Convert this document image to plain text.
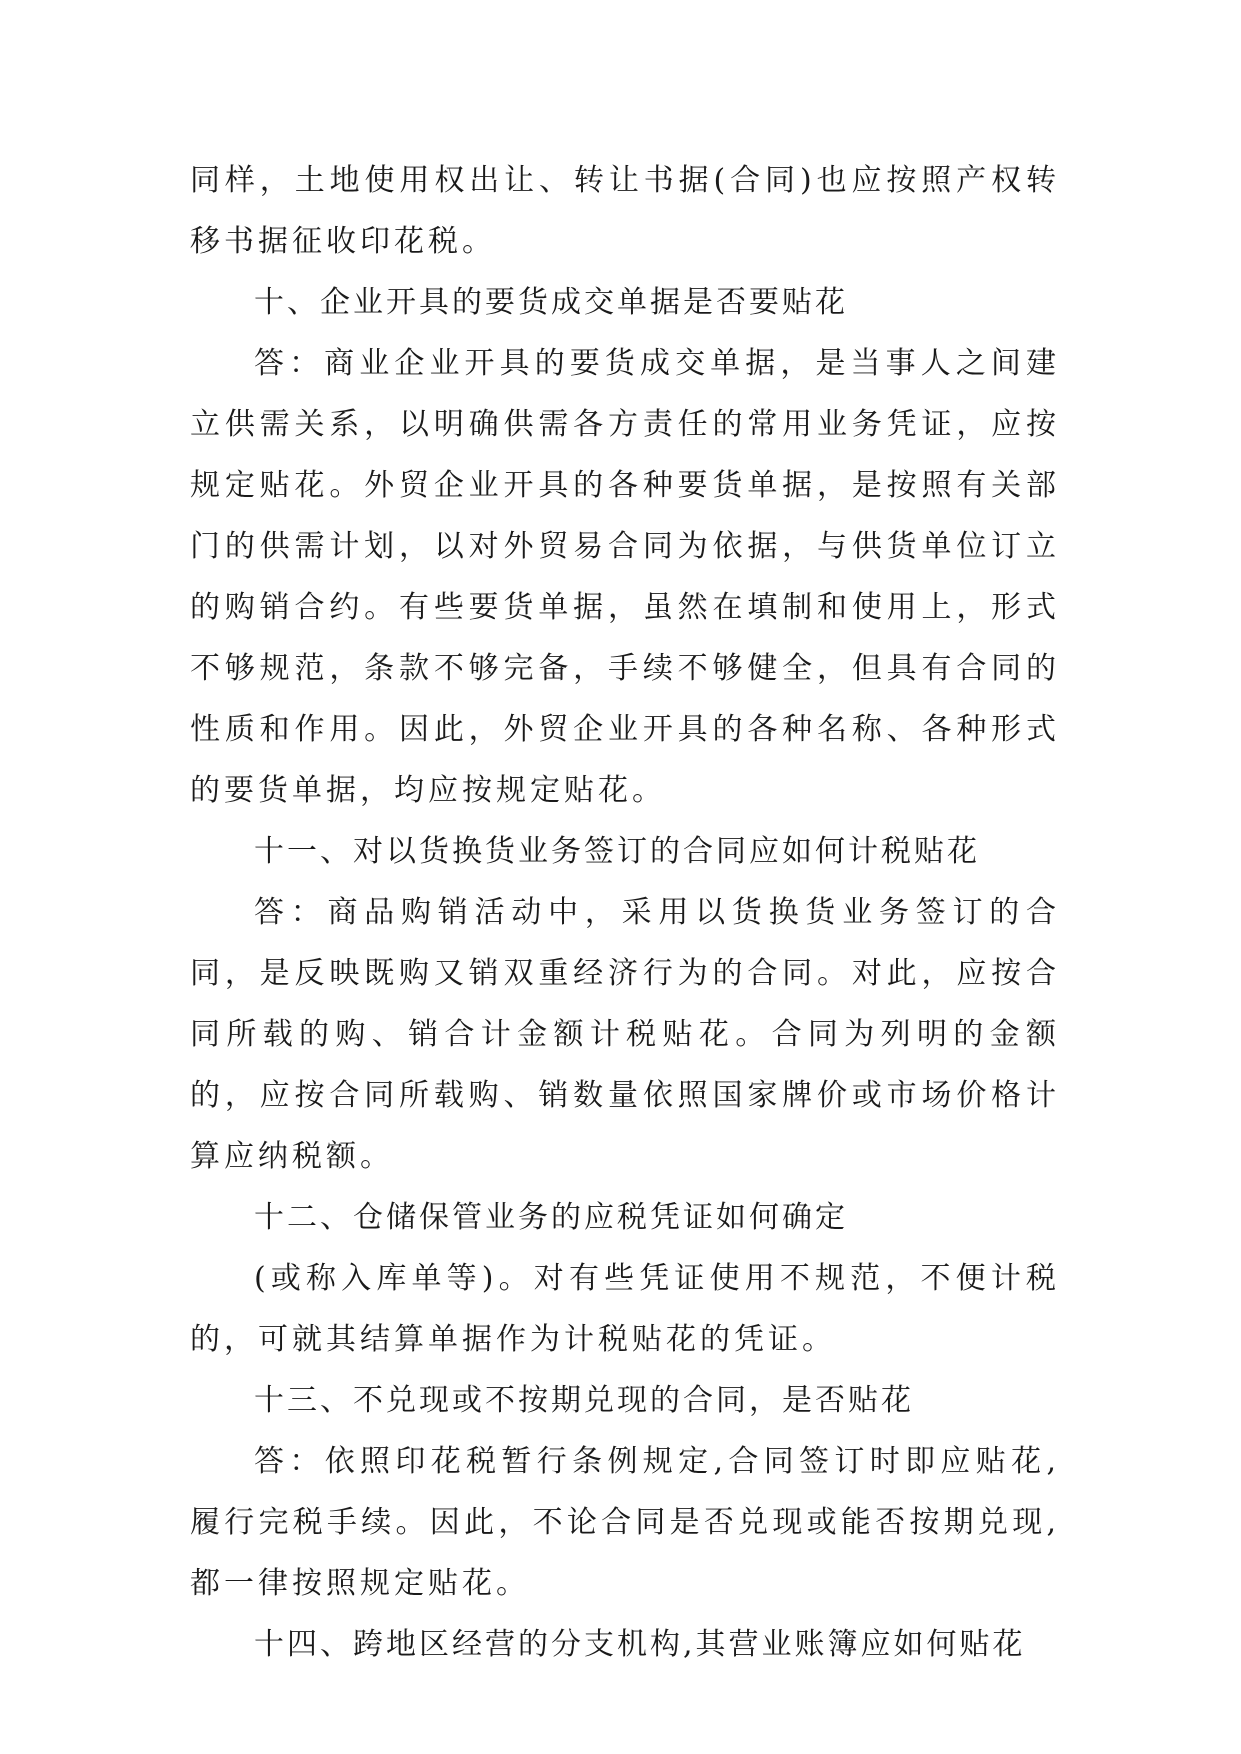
同样，土地使用权出让、转让书据(合同)也应按照产权转移书据征收印花税。

十、企业开具的要货成交单据是否要贴花

答：商业企业开具的要货成交单据，是当事人之间建立供需关系，以明确供需各方责任的常用业务凭证，应按规定贴花。外贸企业开具的各种要货单据，是按照有关部门的供需计划，以对外贸易合同为依据，与供货单位订立的购销合约。有些要货单据，虽然在填制和使用上，形式不够规范，条款不够完备，手续不够健全，但具有合同的性质和作用。因此，外贸企业开具的各种名称、各种形式的要货单据，均应按规定贴花。

十一、对以货换货业务签订的合同应如何计税贴花

答：商品购销活动中，采用以货换货业务签订的合同，是反映既购又销双重经济行为的合同。对此，应按合同所载的购、销合计金额计税贴花。合同为列明的金额的，应按合同所载购、销数量依照国家牌价或市场价格计算应纳税额。

十二、仓储保管业务的应税凭证如何确定

(或称入库单等)。对有些凭证使用不规范，不便计税的，可就其结算单据作为计税贴花的凭证。

十三、不兑现或不按期兑现的合同，是否贴花

答：依照印花税暂行条例规定,合同签订时即应贴花,履行完税手续。因此，不论合同是否兑现或能否按期兑现,都一律按照规定贴花。

十四、跨地区经营的分支机构,其营业账簿应如何贴花
